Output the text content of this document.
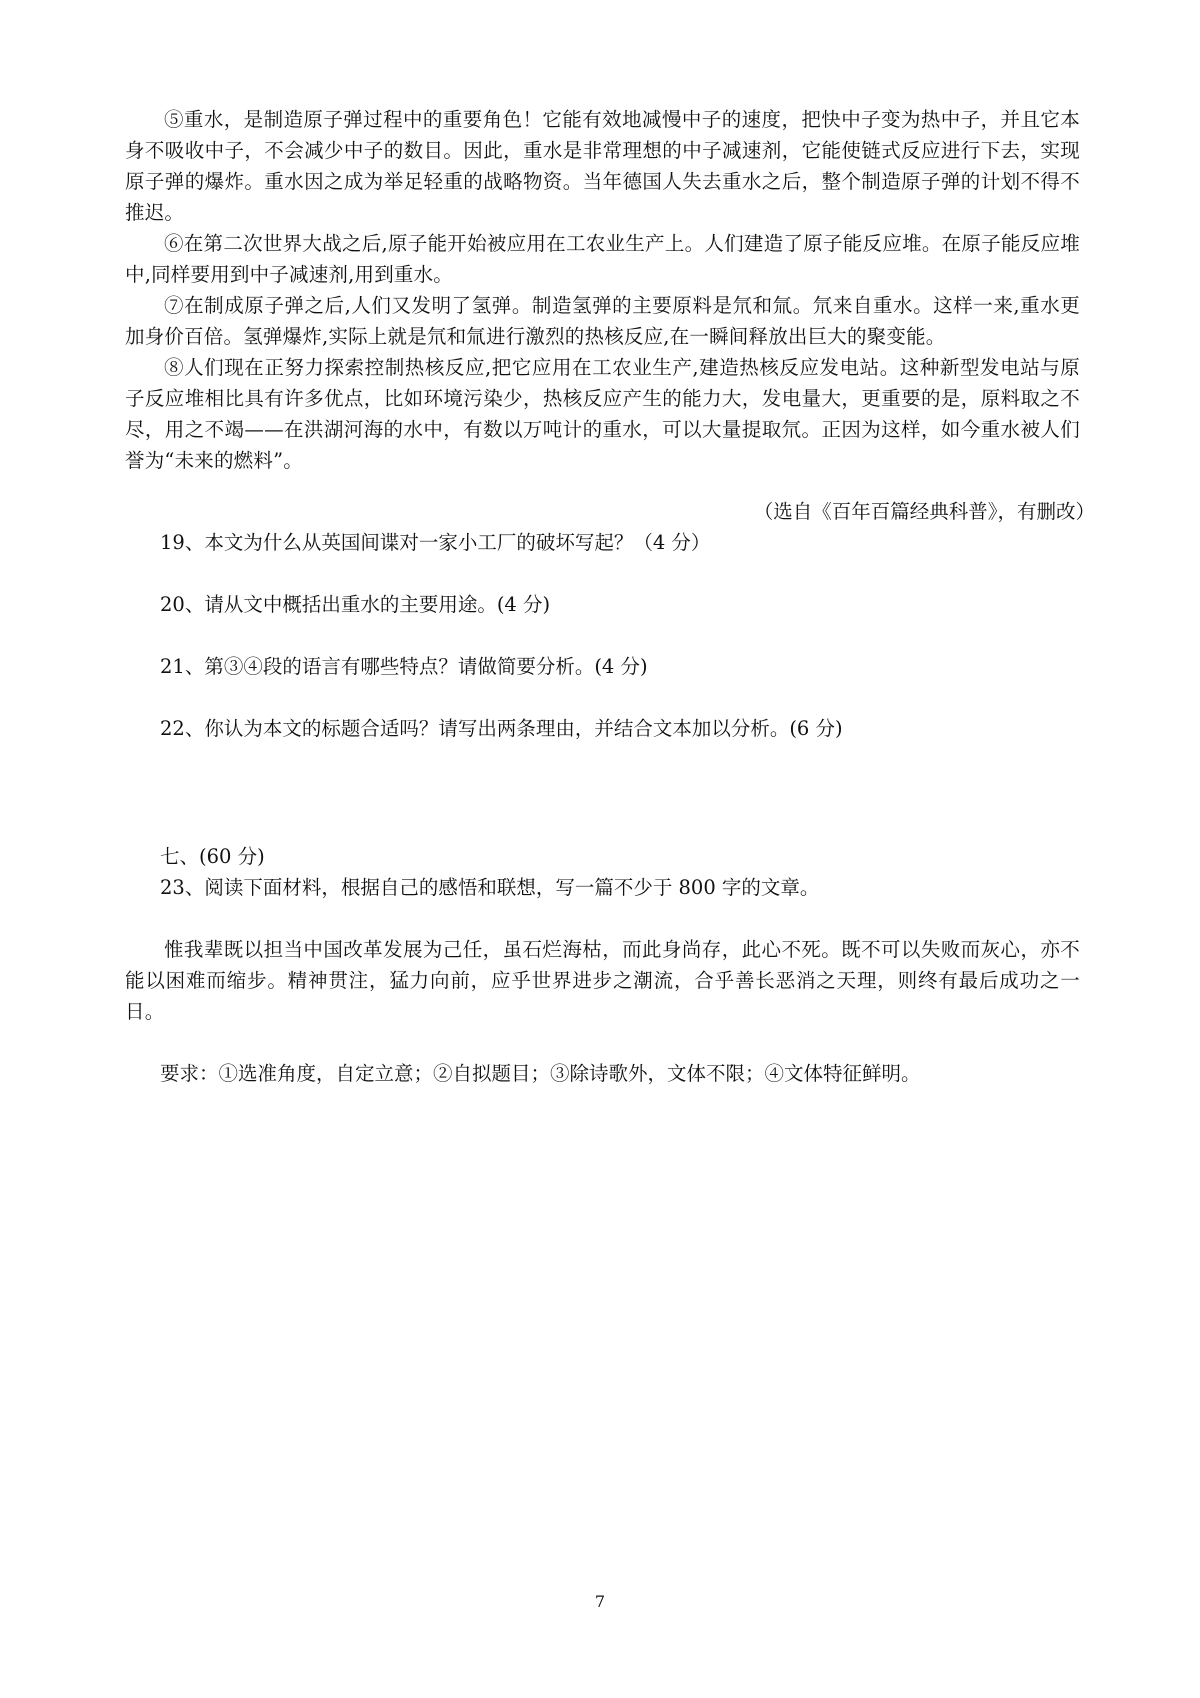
⑤重水，是制造原子弹过程中的重要角色！它能有效地减慢中子的速度，把快中子变为热中子，并且它本身不吸收中子，不会减少中子的数目。因此，重水是非常理想的中子减速剂，它能使链式反应进行下去，实现原子弹的爆炸。重水因之成为举足轻重的战略物资。当年德国人失去重水之后，整个制造原子弹的计划不得不推迟。

⑥在第二次世界大战之后,原子能开始被应用在工农业生产上。人们建造了原子能反应堆。在原子能反应堆中,同样要用到中子减速剂,用到重水。

⑦在制成原子弹之后,人们又发明了氢弹。制造氢弹的主要原料是氘和氚。氘来自重水。这样一来,重水更加身价百倍。氢弹爆炸,实际上就是氘和氚进行激烈的热核反应,在一瞬间释放出巨大的聚变能。

⑧人们现在正努力探索控制热核反应,把它应用在工农业生产,建造热核反应发电站。这种新型发电站与原子反应堆相比具有许多优点，比如环境污染少，热核反应产生的能力大，发电量大，更重要的是，原料取之不尽，用之不竭——在洪湖河海的水中，有数以万吨计的重水，可以大量提取氘。正因为这样，如今重水被人们誉为“未来的燃料”。

（选自《百年百篇经典科普》，有删改）

19、本文为什么从英国间谍对一家小工厂的破坏写起？（4 分）

20、请从文中概括出重水的主要用途。(4 分)

21、第③④段的语言有哪些特点？请做简要分析。(4 分)

22、你认为本文的标题合适吗？请写出两条理由，并结合文本加以分析。(6 分)

七、(60 分)

23、阅读下面材料，根据自己的感悟和联想，写一篇不少于 800 字的文章。

惟我辈既以担当中国改革发展为己任，虽石烂海枯，而此身尚存，此心不死。既不可以失败而灰心，亦不能以困难而缩步。精神贯注，猛力向前，应乎世界进步之潮流，合乎善长恶消之天理，则终有最后成功之一日。

要求：①选准角度，自定立意；②自拟题目；③除诗歌外，文体不限；④文体特征鲜明。

7
